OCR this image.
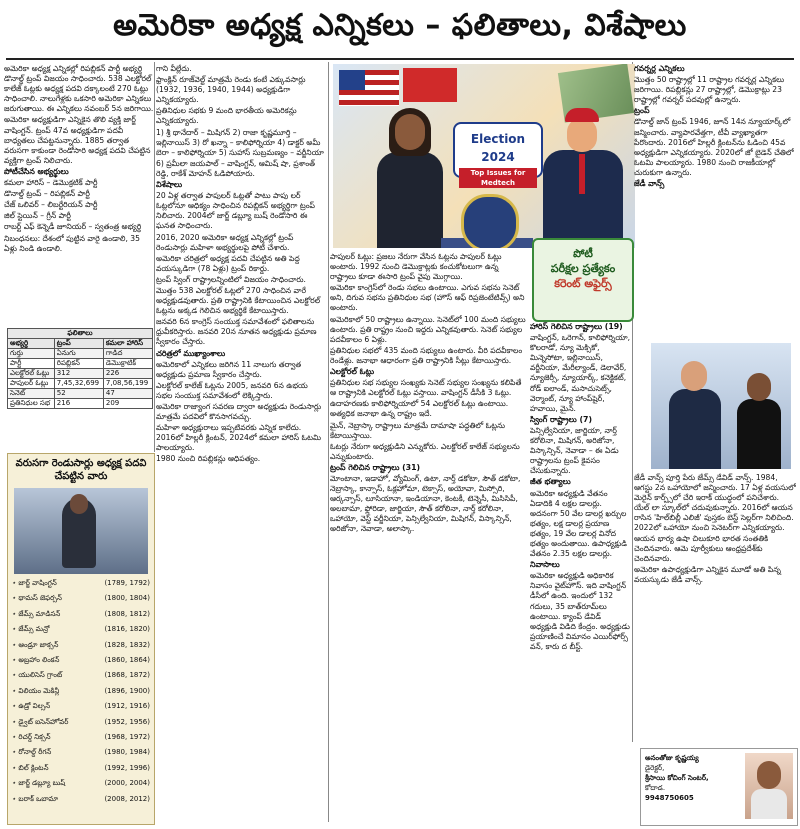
అమెరికా అధ్యక్ష ఎన్నికలు – ఫలితాలు, విశేషాలు

అమెరికా అధ్యక్ష ఎన్నికల్లో రిపబ్లికన్ పార్టీ అభ్యర్థి డొనాల్డ్ ట్రంప్ విజయం సాధించారు. 538 ఎలక్టోరల్ కాలేజ్ ఓట్లకు అధ్యక్ష పదవి దక్కాలంటే 270 ఓట్లు సాధించాలి. నాలుగేళ్లకు ఒకసారి అమెరికా ఎన్నికలు జరుగుతాయి. ఈ ఎన్నికలు నవంబర్ 5న జరిగాయి.

అమెరికా అధ్యక్షుడిగా ఎన్నికైన తొలి వ్యక్తి జార్జ్ వాషింగ్టన్. ట్రంప్ 47వ అధ్యక్షుడిగా పదవీ బాధ్యతలు చేపట్టనున్నారు. 1885 తర్వాత వరుసగా కాకుండా రెండోసారి అధ్యక్ష పదవి చేపట్టిన వ్యక్తిగా ట్రంప్ నిలిచారు.

పోటీచేసిన అభ్యర్థులు

కమలా హారిస్ – డెమొక్రటిక్ పార్టీ

డొనాల్డ్ ట్రంప్ – రిపబ్లికన్ పార్టీ

చేజ్ ఒలివర్ – లిబర్టేరియన్ పార్టీ

జిల్ స్టెయిన్ – గ్రీన్ పార్టీ

రాబర్ట్ ఎఫ్ కెన్నెడీ జూనియర్ – స్వతంత్ర అభ్యర్థి

నిబంధనలు: దేశంలో పుట్టిన వారై ఉండాలి, 35 ఏళ్లు నిండి ఉండాలి.

ఫలితాలు		
అభ్యర్థి	ట్రంప్	కమలా హారిస్
గుర్తు	ఏనుగు	గాడిద
పార్టీ	రిపబ్లికన్	డెమొక్రాటిక్
ఎలక్టోరల్ ఓట్లు	312	226
పాపులర్ ఓట్లు	7,45,32,699	7,08,56,199
సెనెట్	52	47
ప్రతినిధుల సభ	216	209
వరుసగా రెండుసార్లు అధ్యక్ష పదవి చేపట్టిన వారు
⋆ జార్జ్ వాషింగ్టన్	(1789, 1792)
⋆ థామస్ జెఫర్సన్	(1800, 1804)
⋆ జేమ్స్ మాడిసన్	(1808, 1812)
⋆ జేమ్స్ మన్రో	(1816, 1820)
⋆ ఆండ్రూ జాక్సన్	(1828, 1832)
⋆ అబ్రహాం లింకన్	(1860, 1864)
⋆ యులిసెస్ గ్రాంట్	(1868, 1872)
⋆ విలియం మెకిన్లీ	(1896, 1900)
⋆ ఉడ్రో విల్సన్	(1912, 1916)
⋆ డ్వైట్ ఐసెన్‌హోవర్	(1952, 1956)
⋆ రిచర్డ్ నిక్సన్	(1968, 1972)
⋆ రోనాల్డ్ రీగన్	(1980, 1984)
⋆ బిల్ క్లింటన్	(1992, 1996)
⋆ జార్జ్ డబ్ల్యూ బుష్	(2000, 2004)
⋆ బరాక్ ఒబామా	(2008, 2012)

గాని వీల్లేదు.

ఫ్రాంక్లిన్ రూజ్‌వెల్ట్ మాత్రమే రెండు కంటే ఎక్కువసార్లు (1932, 1936, 1940, 1944) అధ్యక్షుడిగా ఎన్నికయ్యారు.

ప్రతినిధుల సభకు 9 మంది భారతీయ అమెరికన్లు ఎన్నికయ్యారు.

1) శ్రీ థానేదార్ – మిషిగన్ 2) రాజా కృష్ణమూర్తి – ఇల్లినాయిస్ 3) రో ఖన్నా – కాలిఫోర్నియా 4) డాక్టర్ అమీ బెరా – కాలిఫోర్నియా 5) సుహాస్ సుబ్రమణ్యం – వర్జీనియా

6) ప్రమీలా జయపాల్ – వాషింగ్టన్, ఆమిష్ షా, ప్రశాంత్ రెడ్డి, రాకేశ్ మోహన్ ఓడిపోయారు.

విశేషాలు

20 ఏళ్ల తర్వాత పాపులర్ ఓట్లతో పాటు పాపు లర్ ఓట్లలోనూ ఆధిక్యం సాధించిన రిపబ్లికన్ అభ్యర్థిగా ట్రంప్ నిలిచారు. 2004లో జార్జ్ డబ్ల్యూ బుష్ రెండోసారి ఈ ఘనత సాధించారు.

2016, 2020 అమెరికా అధ్యక్ష ఎన్నికల్లో ట్రంప్ రెండుసార్లు మహిళా అభ్యర్థులపై పోటీ చేశారు.

అమెరికా చరిత్రలో అధ్యక్ష పదవి చేపట్టిన అతి పెద్ద వయస్కుడిగా (78 ఏళ్లు) ట్రంప్ రికార్డు.

ట్రంప్ స్వింగ్ రాష్ట్రాలన్నింటిలో విజయం సాధించారు.

మొత్తం 538 ఎలక్టోరల్ ఓట్లలో 270 సాధించిన వారే అధ్యక్షుడవుతారు. ప్రతి రాష్ట్రానికి కేటాయించిన ఎలక్టోరల్ ఓట్లను అక్కడ గెలిచిన అభ్యర్థికే కేటాయిస్తారు.

జనవరి 6న కాంగ్రెస్ సంయుక్త సమావేశంలో ఫలితాలను ధ్రువీకరిస్తారు. జనవరి 20న నూతన అధ్యక్షుడు ప్రమాణ స్వీకారం చేస్తారు.

చరిత్రలో ముఖ్యాంశాలు

అమెరికాలో ఎన్నికలు జరిగిన 11 నాలుగు తర్వాత అధ్యక్షుడు ప్రమాణ స్వీకారం చేస్తారు.

ఎలక్టోరల్ కాలేజ్ ఓట్లను 2005, జనవరి 6న ఉభయ సభల సంయుక్త సమావేశంలో లెక్కిస్తారు.

అమెరికా రాజ్యాంగ సవరణ ద్వారా అధ్యక్షుడు రెండుసార్లు మాత్రమే పదవిలో కొనసాగవచ్చు.

మహిళా అధ్యక్షురాలు ఇప్పటివరకు ఎన్నిక కాలేదు. 2016లో హిల్లరీ క్లింటన్, 2024లో కమలా హారిస్ ఓటమి పాలయ్యారు.

1980 నుంచి రిపబ్లికన్లు ఆధిపత్యం.

Election 2024
Top Issues for Medtech

పాపులర్ ఓట్లు: ప్రజలు నేరుగా వేసిన ఓట్లను పాపులర్ ఓట్లు అంటారు. 1992 నుంచి డెమొక్రాట్లకు కంచుకోటలుగా ఉన్న రాష్ట్రాలు కూడా ఈసారి ట్రంప్ వైపు మొగ్గాయి.

అమెరికా కాంగ్రెస్‌లో రెండు సభలు ఉంటాయి. ఎగువ సభను సెనెట్ అని, దిగువ సభను ప్రతినిధుల సభ (హౌస్ ఆఫ్ రిప్రజెంటేటివ్స్) అని అంటారు.

అమెరికాలో 50 రాష్ట్రాలు ఉన్నాయి. సెనెట్‌లో 100 మంది సభ్యులు ఉంటారు. ప్రతి రాష్ట్రం నుంచి ఇద్దరు ఎన్నికవుతారు. సెనెట్ సభ్యుల పదవీకాలం 6 ఏళ్లు.

ప్రతినిధుల సభలో 435 మంది సభ్యులు ఉంటారు. వీరి పదవీకాలం రెండేళ్లు. జనాభా ఆధారంగా ప్రతి రాష్ట్రానికి సీట్లు కేటాయిస్తారు.

ఎలక్టోరల్ ఓట్లు

ప్రతినిధుల సభ సభ్యుల సంఖ్యకు సెనెట్ సభ్యుల సంఖ్యను కలిపితే ఆ రాష్ట్రానికి ఎలక్టోరల్ ఓట్లు వస్తాయి. వాషింగ్టన్ డీసీకి 3 ఓట్లు.

ఉదాహరణకు కాలిఫోర్నియాలో 54 ఎలక్టోరల్ ఓట్లు ఉంటాయి. అత్యధిక జనాభా ఉన్న రాష్ట్రం ఇదే.

మైన్, నెబ్రాస్కా రాష్ట్రాలు మాత్రమే దామాషా పద్ధతిలో ఓట్లను కేటాయిస్తాయి.

ఓటర్లు నేరుగా అధ్యక్షుడిని ఎన్నుకోరు. ఎలక్టోరల్ కాలేజ్ సభ్యులను ఎన్నుకుంటారు.

ట్రంప్ గెలిచిన రాష్ట్రాలు (31)

మోంటానా, ఇడాహో, వ్యోమింగ్, ఉటా, నార్త్ డకోటా, సౌత్ డకోటా, నెబ్రాస్కా, కాన్సాస్, ఓక్లహోమా, టెక్సాస్, అయోవా, మిస్సోరి, ఆర్కన్సాస్, లూసియానా, ఇండియానా, కెంటకీ, టెన్నెసీ, మిసిసిపీ, అలబామా, ఫ్లోరిడా, జార్జియా, సౌత్ కరోలినా, నార్త్ కరోలినా, ఒహాయో, వెస్ట్ వర్జీనియా, పెన్సిల్వేనియా, మిషిగన్, విస్కాన్సిన్, అరిజోనా, నెవాడా, అలాస్కా.

పోటీ
పరీక్షల ప్రత్యేకం
కరెంట్ అఫైర్స్

హారిస్ గెలిచిన రాష్ట్రాలు (19)

వాషింగ్టన్, ఒరెగాన్, కాలిఫోర్నియా, కొలరాడో, న్యూ మెక్సికో, మిన్నెసోటా, ఇల్లినాయిస్, వర్జీనియా, మేరీల్యాండ్, డెలావేర్, న్యూజెర్సీ, న్యూయార్క్, కనెక్టికట్, రోడ్ ఐలాండ్, మసాచుసెట్స్, వెర్మాంట్, న్యూ హాంప్‌షైర్, హవాయి, మైన్.

స్వింగ్ రాష్ట్రాలు (7)

పెన్సిల్వేనియా, జార్జియా, నార్త్ కరోలినా, మిషిగన్, అరిజోనా, విస్కాన్సిన్, నెవాడా – ఈ ఏడు రాష్ట్రాలను ట్రంప్ కైవసం చేసుకున్నారు.

జీత భత్యాలు

అమెరికా అధ్యక్షుడి వేతనం ఏడాదికి 4 లక్షల డాలర్లు. అదనంగా 50 వేల డాలర్ల ఖర్చుల భత్యం, లక్ష డాలర్ల ప్రయాణ భత్యం, 19 వేల డాలర్ల వినోద భత్యం అందుతాయి. ఉపాధ్యక్షుడి వేతనం 2.35 లక్షల డాలర్లు.

నివాసాలు

అమెరికా అధ్యక్షుడి అధికారిక నివాసం వైట్‌హౌస్. ఇది వాషింగ్టన్ డీసీలో ఉంది. ఇందులో 132 గదులు, 35 బాత్‌రూమ్‌లు ఉంటాయి. క్యాంప్ డేవిడ్ అధ్యక్షుడి విడిది కేంద్రం. అధ్యక్షుడు ప్రయాణించే విమానం ఎయిర్‌ఫోర్స్ వన్, కారు ద బీస్ట్.

గవర్నర్ల ఎన్నికలు

మొత్తం 50 రాష్ట్రాల్లో 11 రాష్ట్రాల గవర్నర్ల ఎన్నికలు జరిగాయి. రిపబ్లికన్లు 27 రాష్ట్రాల్లో, డెమొక్రాట్లు 23 రాష్ట్రాల్లో గవర్నర్ పదవుల్లో ఉన్నారు.

ట్రంప్

డొనాల్డ్ జాన్ ట్రంప్ 1946, జూన్ 14న న్యూయార్క్‌లో జన్మించారు. వ్యాపారవేత్తగా, టీవీ వ్యాఖ్యాతగా పేరొందారు. 2016లో హిల్లరీ క్లింటన్‌ను ఓడించి 45వ అధ్యక్షుడిగా ఎన్నికయ్యారు. 2020లో జో బైడెన్ చేతిలో ఓటమి పాలయ్యారు. 1980 నుంచి రాజకీయాల్లో చురుకుగా ఉన్నారు.

జేడీ వాన్స్

జేడీ వాన్స్ పూర్తి పేరు జేమ్స్ డేవిడ్ వాన్స్. 1984, ఆగస్టు 2న ఒహాయోలో జన్మించారు. 17 ఏళ్ల వయసులో మెరైన్ కార్ప్స్‌లో చేరి ఇరాక్ యుద్ధంలో పనిచేశారు. యేల్ లా స్కూల్‌లో చదువుకున్నారు. 2016లో ఆయన రాసిన 'హిల్‌బిల్లీ ఎలిజీ' పుస్తకం బెస్ట్ సెల్లర్‌గా నిలిచింది. 2022లో ఒహాయో నుంచి సెనెటర్‌గా ఎన్నికయ్యారు. ఆయన భార్య ఉషా చిలుకూరి భారత సంతతికి చెందినవారు. ఆమె పూర్వీకులు ఆంధ్రప్రదేశ్‌కు చెందినవారు.

అమెరికా ఉపాధ్యక్షుడిగా ఎన్నికైన మూడో అతి పిన్న వయస్కుడు జేడీ వాన్స్.

అనంతోజు కృష్ణయ్య
డైరెక్టర్,
శ్రీసాయి కోచింగ్ సెంటర్,
కోదాడ.
9948750605
